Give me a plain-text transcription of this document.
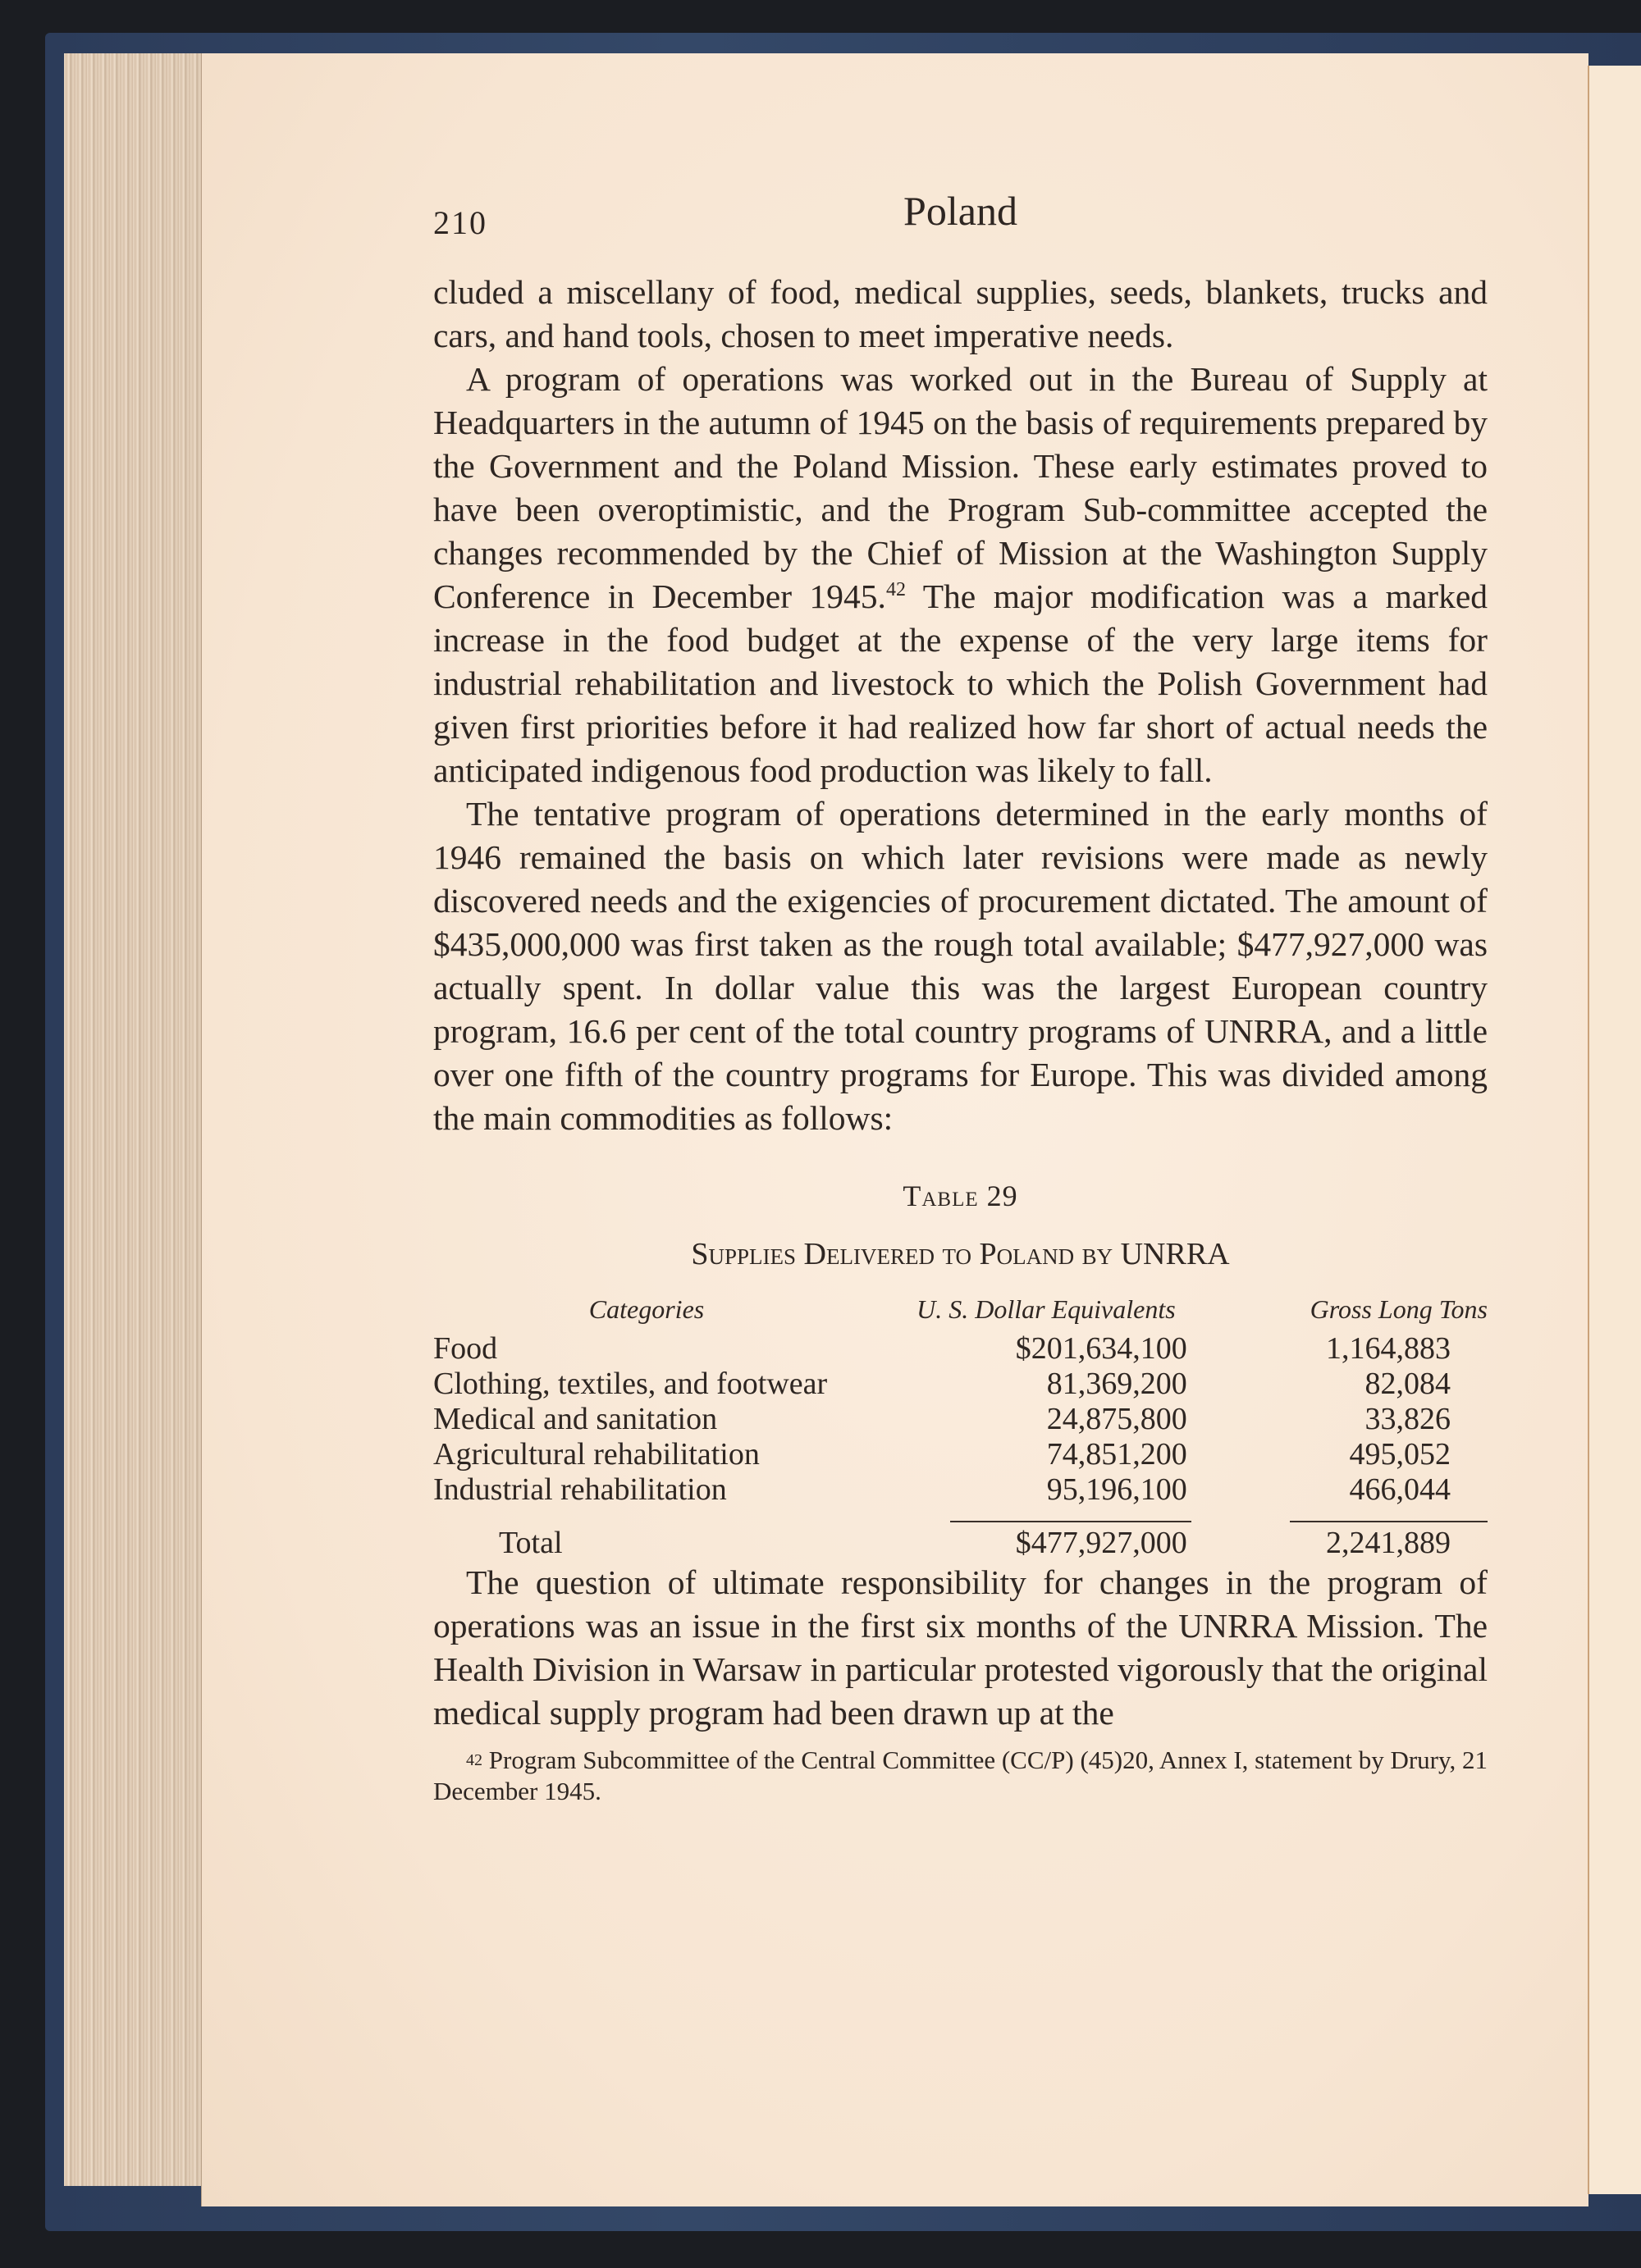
210	Poland

cluded a miscellany of food, medical supplies, seeds, blankets, trucks and cars, and hand tools, chosen to meet imperative needs.

A program of operations was worked out in the Bureau of Supply at Headquarters in the autumn of 1945 on the basis of requirements prepared by the Government and the Poland Mission. These early estimates proved to have been overoptimistic, and the Program Sub-committee accepted the changes recommended by the Chief of Mission at the Washington Supply Conference in December 1945.42 The major modification was a marked increase in the food budget at the expense of the very large items for industrial rehabilitation and livestock to which the Polish Government had given first priorities before it had realized how far short of actual needs the anticipated indigenous food production was likely to fall.

The tentative program of operations determined in the early months of 1946 remained the basis on which later revisions were made as newly discovered needs and the exigencies of procurement dictated. The amount of $435,000,000 was first taken as the rough total available; $477,927,000 was actually spent. In dollar value this was the largest European country program, 16.6 per cent of the total country programs of UNRRA, and a little over one fifth of the country programs for Europe. This was divided among the main commodities as follows:

Table 29
Supplies Delivered to Poland by UNRRA
Categories	U. S. Dollar Equivalents	Gross Long Tons
Food	$201,634,100	1,164,883
Clothing, textiles, and footwear	81,369,200	82,084
Medical and sanitation	24,875,800	33,826
Agricultural rehabilitation	74,851,200	495,052
Industrial rehabilitation	95,196,100	466,044

Total	$477,927,000	2,241,889

The question of ultimate responsibility for changes in the program of operations was an issue in the first six months of the UNRRA Mission. The Health Division in Warsaw in particular protested vigorously that the original medical supply program had been drawn up at the

$^{42}$ Program Subcommittee of the Central Committee (CC/P) (45)20, Annex I, statement by Drury, 21 December 1945.
